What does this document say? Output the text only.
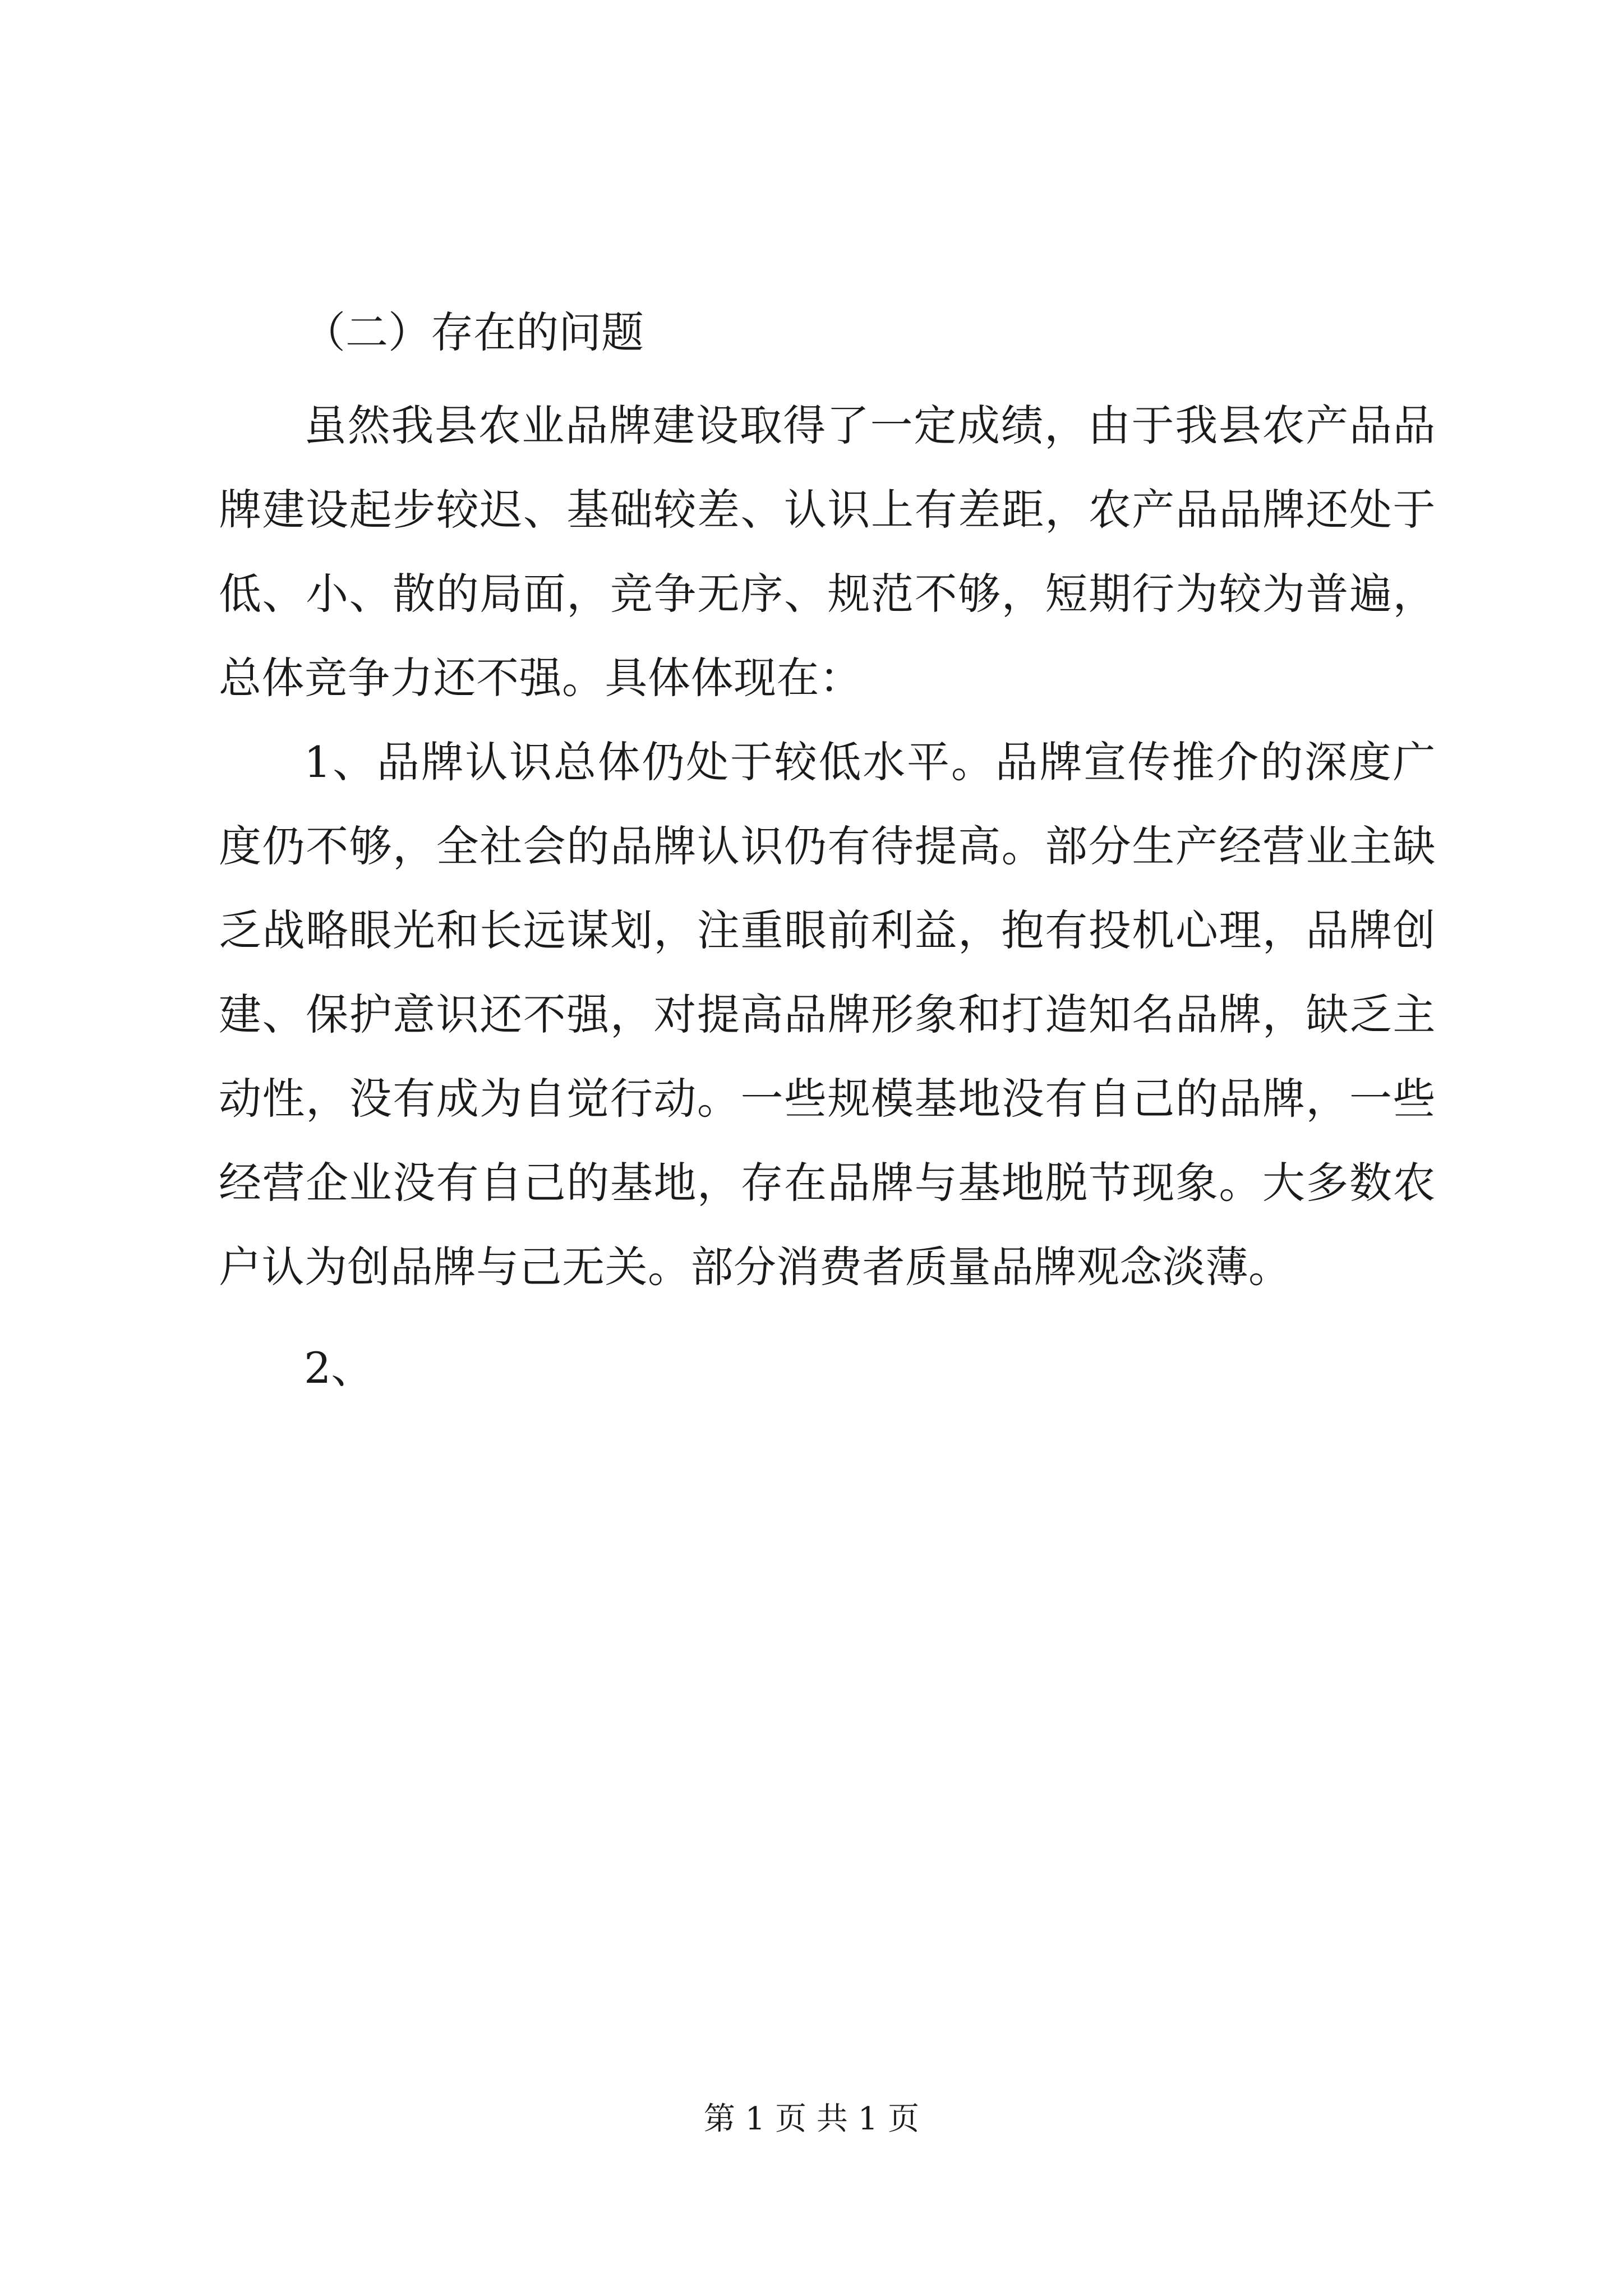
（二）存在的问题

虽然我县农业品牌建设取得了一定成绩，由于我县农产品品牌建设起步较迟、基础较差、认识上有差距，农产品品牌还处于低、小、散的局面，竞争无序、规范不够，短期行为较为普遍，总体竞争力还不强。具体体现在：

1、品牌认识总体仍处于较低水平。品牌宣传推介的深度广度仍不够，全社会的品牌认识仍有待提高。部分生产经营业主缺乏战略眼光和长远谋划，注重眼前利益，抱有投机心理，品牌创建、保护意识还不强，对提高品牌形象和打造知名品牌，缺乏主动性，没有成为自觉行动。一些规模基地没有自己的品牌，一些经营企业没有自己的基地，存在品牌与基地脱节现象。大多数农户认为创品牌与己无关。部分消费者质量品牌观念淡薄。

2、
第 1 页 共 1 页
